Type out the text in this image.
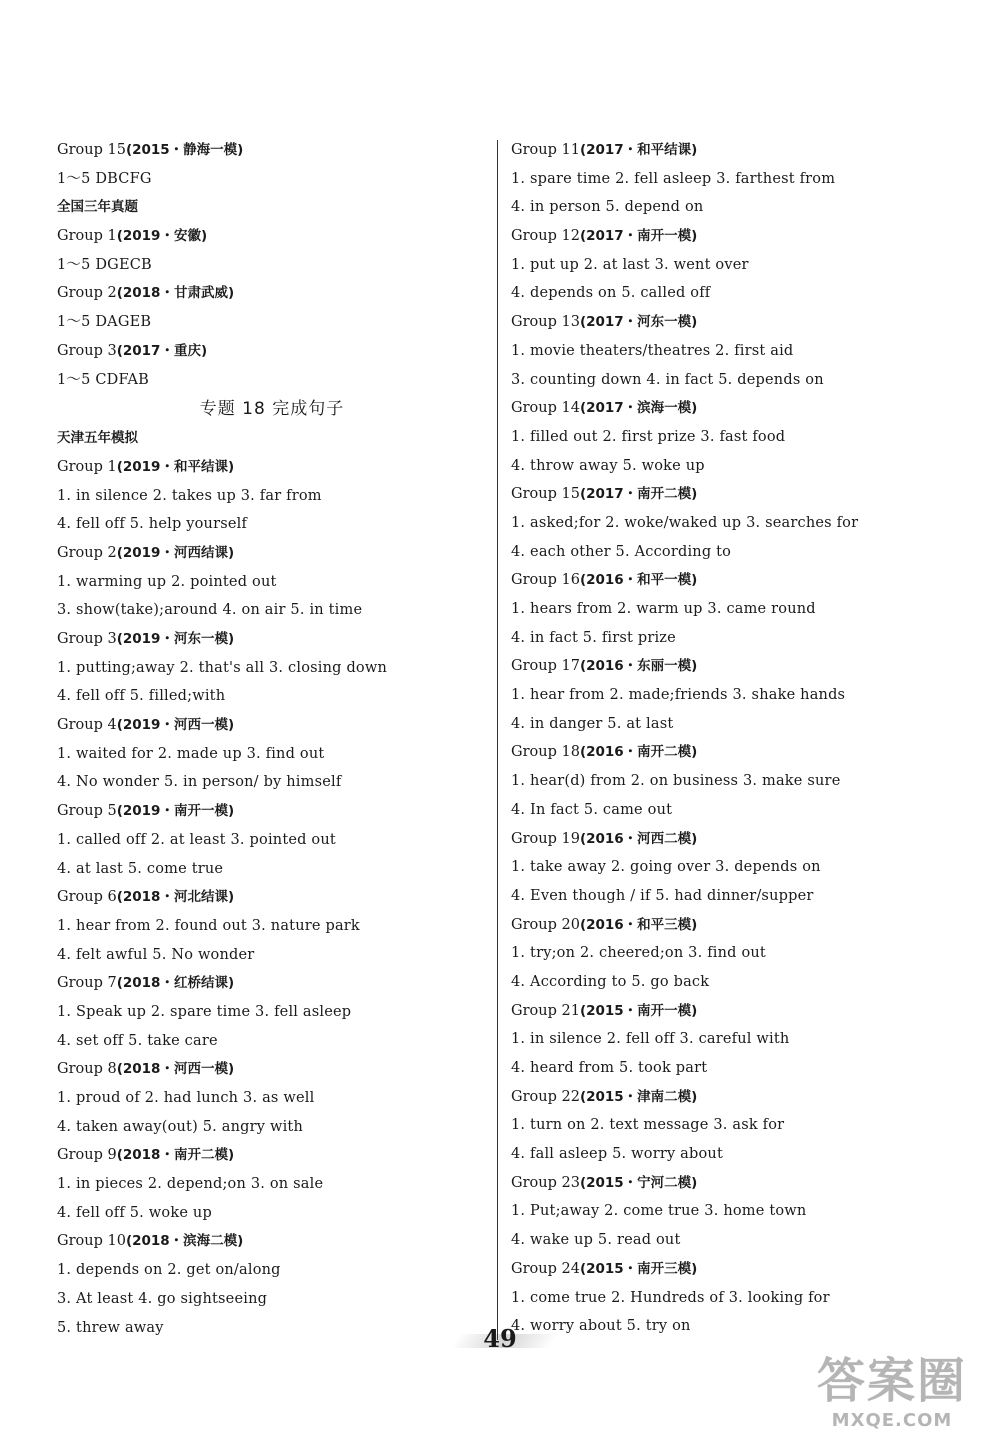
Group 15(2015・静海一模)
1～5 DBCFG
全国三年真题
Group 1(2019・安徽)
1～5 DGECB
Group 2(2018・甘肃武威)
1～5 DAGEB
Group 3(2017・重庆)
1～5 CDFAB
专题 18 完成句子
天津五年模拟
Group 1(2019・和平结课)
1. in silence 2. takes up 3. far from
4. fell off 5. help yourself
Group 2(2019・河西结课)
1. warming up 2. pointed out
3. show(take);around 4. on air 5. in time
Group 3(2019・河东一模)
1. putting;away 2. that's all 3. closing down
4. fell off 5. filled;with
Group 4(2019・河西一模)
1. waited for 2. made up 3. find out
4. No wonder 5. in person/ by himself
Group 5(2019・南开一模)
1. called off 2. at least 3. pointed out
4. at last 5. come true
Group 6(2018・河北结课)
1. hear from 2. found out 3. nature park
4. felt awful 5. No wonder
Group 7(2018・红桥结课)
1. Speak up 2. spare time 3. fell asleep
4. set off 5. take care
Group 8(2018・河西一模)
1. proud of 2. had lunch 3. as well
4. taken away(out) 5. angry with
Group 9(2018・南开二模)
1. in pieces 2. depend;on 3. on sale
4. fell off 5. woke up
Group 10(2018・滨海二模)
1. depends on 2. get on/along
3. At least 4. go sightseeing
5. threw away
Group 11(2017・和平结课)
1. spare time 2. fell asleep 3. farthest from
4. in person 5. depend on
Group 12(2017・南开一模)
1. put up 2. at last 3. went over
4. depends on 5. called off
Group 13(2017・河东一模)
1. movie theaters/theatres 2. first aid
3. counting down 4. in fact 5. depends on
Group 14(2017・滨海一模)
1. filled out 2. first prize 3. fast food
4. throw away 5. woke up
Group 15(2017・南开二模)
1. asked;for 2. woke/waked up 3. searches for
4. each other 5. According to
Group 16(2016・和平一模)
1. hears from 2. warm up 3. came round
4. in fact 5. first prize
Group 17(2016・东丽一模)
1. hear from 2. made;friends 3. shake hands
4. in danger 5. at last
Group 18(2016・南开二模)
1. hear(d) from 2. on business 3. make sure
4. In fact 5. came out
Group 19(2016・河西二模)
1. take away 2. going over 3. depends on
4. Even though / if 5. had dinner/supper
Group 20(2016・和平三模)
1. try;on 2. cheered;on 3. find out
4. According to 5. go back
Group 21(2015・南开一模)
1. in silence 2. fell off 3. careful with
4. heard from 5. took part
Group 22(2015・津南二模)
1. turn on 2. text message 3. ask for
4. fall asleep 5. worry about
Group 23(2015・宁河二模)
1. Put;away 2. come true 3. home town
4. wake up 5. read out
Group 24(2015・南开三模)
1. come true 2. Hundreds of 3. looking for
4. worry about 5. try on
49
答案圈
MXQE.COM
